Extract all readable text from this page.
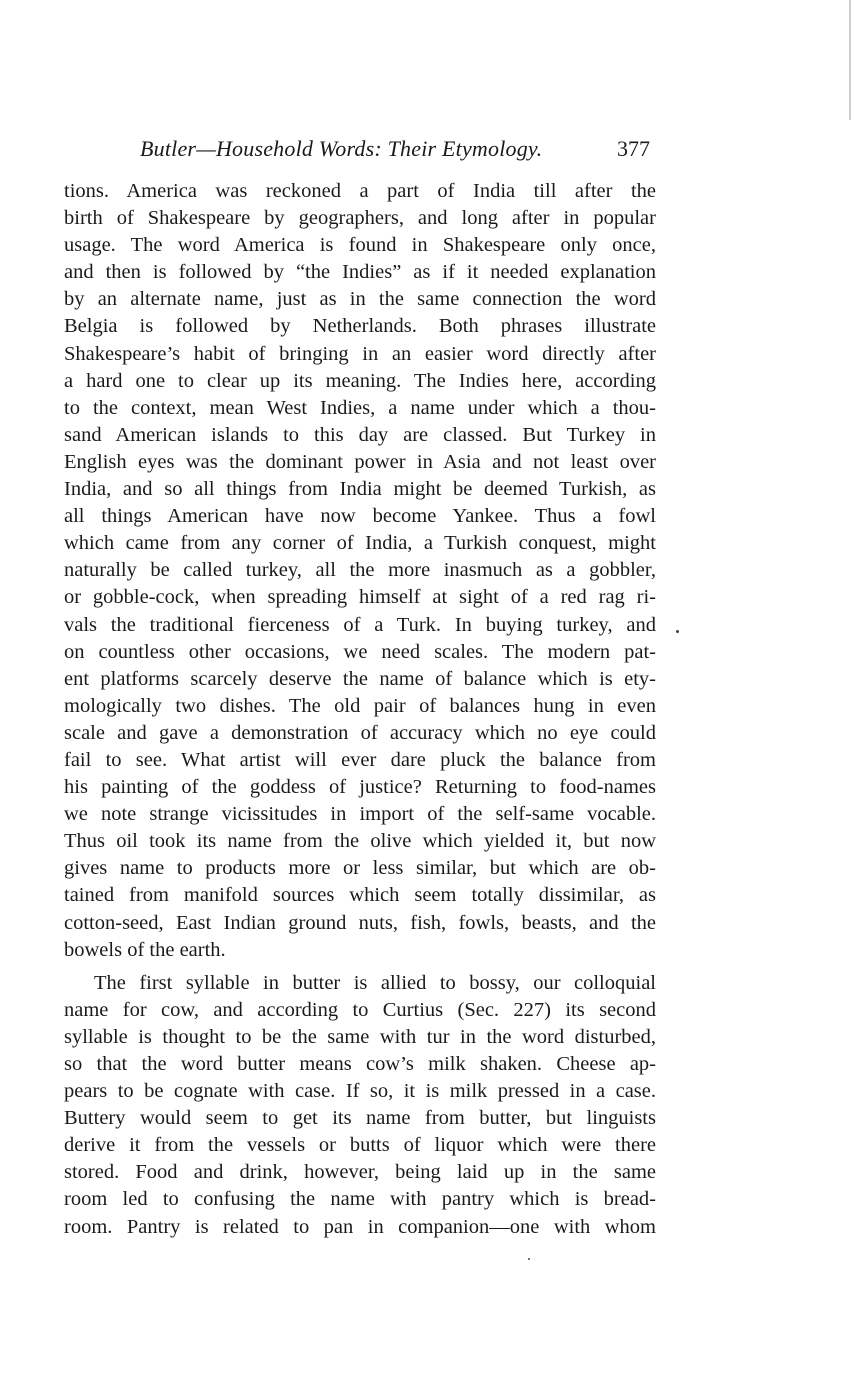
Butler—Household Words: Their Etymology.	377
tions. America was reckoned a part of India till after the
birth of Shakespeare by geographers, and long after in popular
usage. The word America is found in Shakespeare only once,
and then is followed by “the Indies” as if it needed explanation
by an alternate name, just as in the same connection the word
Belgia is followed by Netherlands. Both phrases illustrate
Shakespeare’s habit of bringing in an easier word directly after
a hard one to clear up its meaning. The Indies here, according
to the context, mean West Indies, a name under which a thou-
sand American islands to this day are classed. But Turkey in
English eyes was the dominant power in Asia and not least over
India, and so all things from India might be deemed Turkish, as
all things American have now become Yankee. Thus a fowl
which came from any corner of India, a Turkish conquest, might
naturally be called turkey, all the more inasmuch as a gobbler,
or gobble-cock, when spreading himself at sight of a red rag ri-
vals the traditional fierceness of a Turk. In buying turkey, and
on countless other occasions, we need scales. The modern pat-
ent platforms scarcely deserve the name of balance which is ety-
mologically two dishes. The old pair of balances hung in even
scale and gave a demonstration of accuracy which no eye could
fail to see. What artist will ever dare pluck the balance from
his painting of the goddess of justice? Returning to food-names
we note strange vicissitudes in import of the self-same vocable.
Thus oil took its name from the olive which yielded it, but now
gives name to products more or less similar, but which are ob-
tained from manifold sources which seem totally dissimilar, as
cotton-seed, East Indian ground nuts, fish, fowls, beasts, and the
bowels of the earth.
The first syllable in butter is allied to bossy, our colloquial
name for cow, and according to Curtius (Sec. 227) its second
syllable is thought to be the same with tur in the word disturbed,
so that the word butter means cow’s milk shaken. Cheese ap-
pears to be cognate with case. If so, it is milk pressed in a case.
Buttery would seem to get its name from butter, but linguists
derive it from the vessels or butts of liquor which were there
stored. Food and drink, however, being laid up in the same
room led to confusing the name with pantry which is bread-
room. Pantry is related to pan in companion—one with whom
